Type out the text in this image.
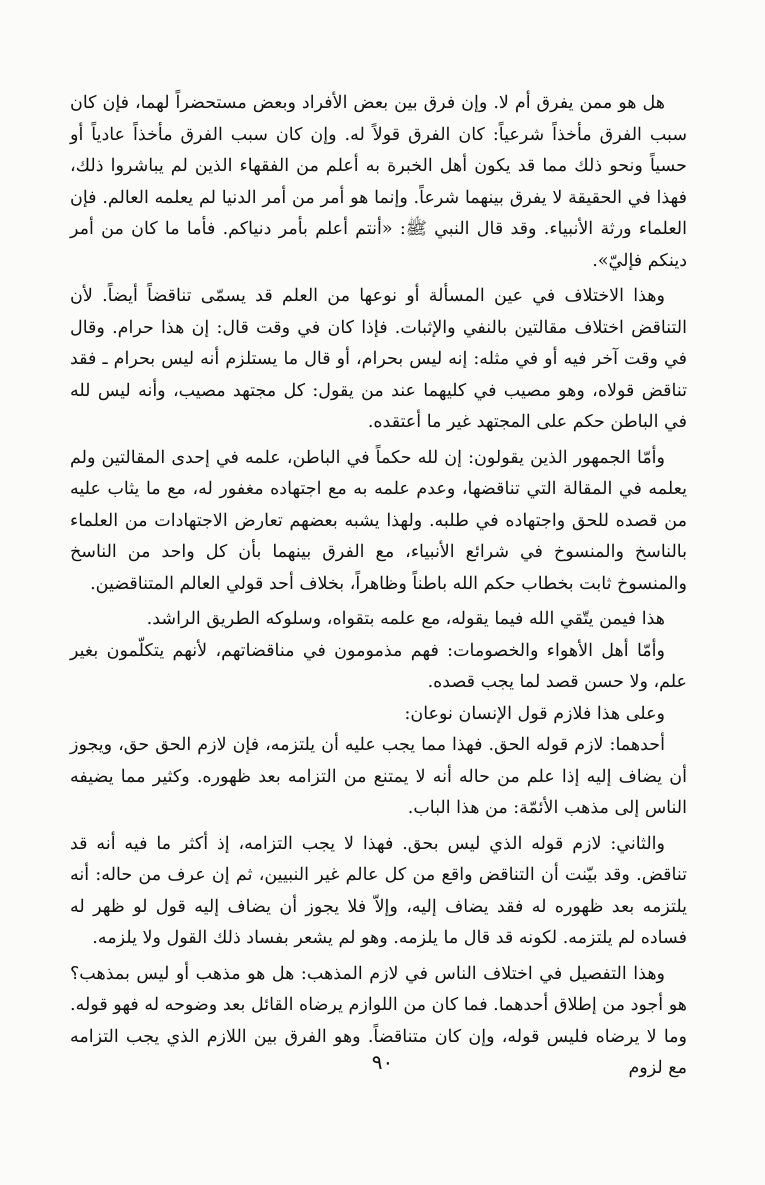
هل هو ممن يفرق أم لا. وإن فرق بين بعض الأفراد وبعض مستحضراً لهما، فإن كان سبب الفرق مأخذاً شرعياً: كان الفرق قولاً له. وإن كان سبب الفرق مأخذاً عادياً أو حسياً ونحو ذلك مما قد يكون أهل الخبرة به أعلم من الفقهاء الذين لم يباشروا ذلك، فهذا في الحقيقة لا يفرق بينهما شرعاً. وإنما هو أمر من أمر الدنيا لم يعلمه العالم. فإن العلماء ورثة الأنبياء. وقد قال النبي ﷺ: «أنتم أعلم بأمر دنياكم. فأما ما كان من أمر دينكم فإليّ».

وهذا الاختلاف في عين المسألة أو نوعها من العلم قد يسمّى تناقضاً أيضاً. لأن التناقض اختلاف مقالتين بالنفي والإثبات. فإذا كان في وقت قال: إن هذا حرام. وقال في وقت آخر فيه أو في مثله: إنه ليس بحرام، أو قال ما يستلزم أنه ليس بحرام ـ فقد تناقض قولاه، وهو مصيب في كليهما عند من يقول: كل مجتهد مصيب، وأنه ليس لله في الباطن حكم على المجتهد غير ما أعتقده.

وأمّا الجمهور الذين يقولون: إن لله حكماً في الباطن، علمه في إحدى المقالتين ولم يعلمه في المقالة التي تناقضها، وعدم علمه به مع اجتهاده مغفور له، مع ما يثاب عليه من قصده للحق واجتهاده في طلبه. ولهذا يشبه بعضهم تعارض الاجتهادات من العلماء بالناسخ والمنسوخ في شرائع الأنبياء، مع الفرق بينهما بأن كل واحد من الناسخ والمنسوخ ثابت بخطاب حكم الله باطناً وظاهراً، بخلاف أحد قولي العالم المتناقضين.

هذا فيمن يتّقي الله فيما يقوله، مع علمه بتقواه، وسلوكه الطريق الراشد.

وأمّا أهل الأهواء والخصومات: فهم مذمومون في مناقضاتهم، لأنهم يتكلّمون بغير علم، ولا حسن قصد لما يجب قصده.

وعلى هذا فلازم قول الإنسان نوعان:

أحدهما: لازم قوله الحق. فهذا مما يجب عليه أن يلتزمه، فإن لازم الحق حق، ويجوز أن يضاف إليه إذا علم من حاله أنه لا يمتنع من التزامه بعد ظهوره. وكثير مما يضيفه الناس إلى مذهب الأئمّة: من هذا الباب.

والثاني: لازم قوله الذي ليس بحق. فهذا لا يجب التزامه، إذ أكثر ما فيه أنه قد تناقض. وقد بيّنت أن التناقض واقع من كل عالم غير النبيين، ثم إن عرف من حاله: أنه يلتزمه بعد ظهوره له فقد يضاف إليه، وإلاّ فلا يجوز أن يضاف إليه قول لو ظهر له فساده لم يلتزمه. لكونه قد قال ما يلزمه. وهو لم يشعر بفساد ذلك القول ولا يلزمه.

وهذا التفصيل في اختلاف الناس في لازم المذهب: هل هو مذهب أو ليس بمذهب؟ هو أجود من إطلاق أحدهما. فما كان من اللوازم يرضاه القائل بعد وضوحه له فهو قوله. وما لا يرضاه فليس قوله، وإن كان متناقضاً. وهو الفرق بين اللازم الذي يجب التزامه مع لزوم

٩٠
